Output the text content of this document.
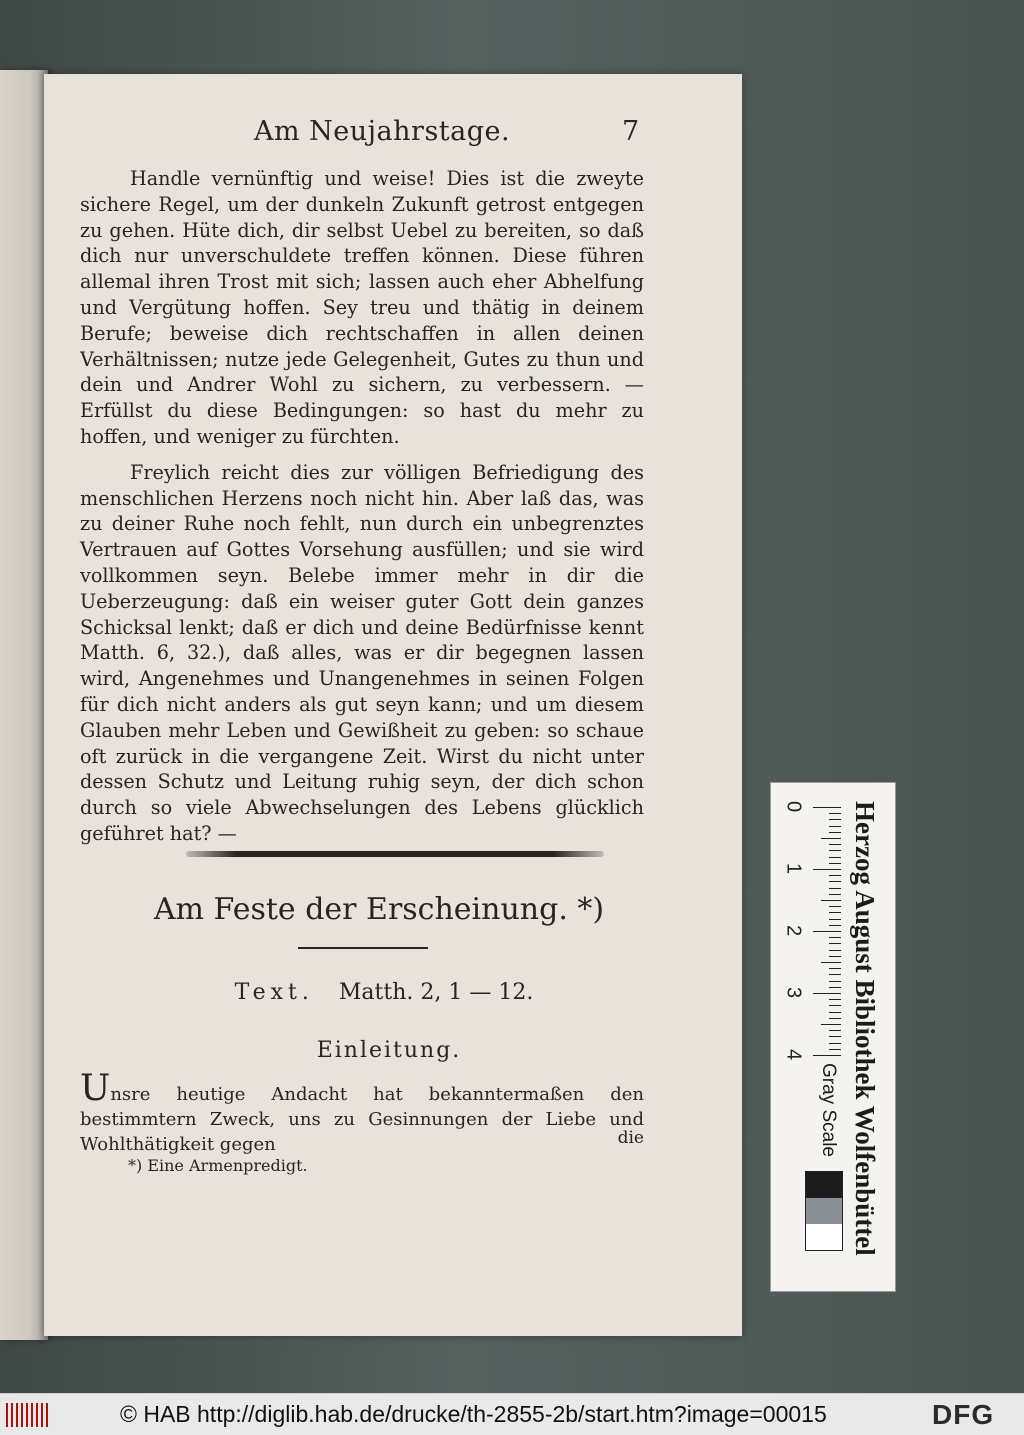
Am Neujahrstage.	7

Handle vernünftig und weise! Dies ist die zweyte sichere Regel, um der dunkeln Zukunft getrost entgegen zu gehen. Hüte dich, dir selbst Uebel zu bereiten, so daß dich nur unverschuldete treffen können. Diese führen allemal ihren Trost mit sich; lassen auch eher Abhelfung und Vergütung hoffen. Sey treu und thätig in deinem Berufe; beweise dich rechtschaffen in allen deinen Verhältnissen; nutze jede Gelegenheit, Gutes zu thun und dein und Andrer Wohl zu sichern, zu verbessern. — Erfüllst du diese Bedingungen: so hast du mehr zu hoffen, und weniger zu fürchten.

Freylich reicht dies zur völligen Befriedigung des menschlichen Herzens noch nicht hin. Aber laß das, was zu deiner Ruhe noch fehlt, nun durch ein unbegrenztes Vertrauen auf Gottes Vorsehung ausfüllen; und sie wird vollkommen seyn. Belebe immer mehr in dir die Ueberzeugung: daß ein weiser guter Gott dein ganzes Schicksal lenkt; daß er dich und deine Bedürfnisse kennt Matth. 6, 32.), daß alles, was er dir begegnen lassen wird, Angenehmes und Unangenehmes in seinen Folgen für dich nicht anders als gut seyn kann; und um diesem Glauben mehr Leben und Gewißheit zu geben: so schaue oft zurück in die vergangene Zeit. Wirst du nicht unter dessen Schutz und Leitung ruhig seyn, der dich schon durch so viele Abwechselungen des Lebens glücklich geführet hat? —

Am Feste der Erscheinung. *)
Text. Matth. 2, 1 — 12.
Einleitung.
Unsre heutige Andacht hat bekanntermaßen den bestimmtern Zweck, uns zu Gesinnungen der Liebe und Wohlthätigkeit gegen	die
*) Eine Armenpredigt.
0
1
2
3
4 Herzog August Bibliothek Wolfenbüttel
Gray Scale
© HAB http://diglib.hab.de/drucke/th-2855-2b/start.htm?image=00015	DFG
